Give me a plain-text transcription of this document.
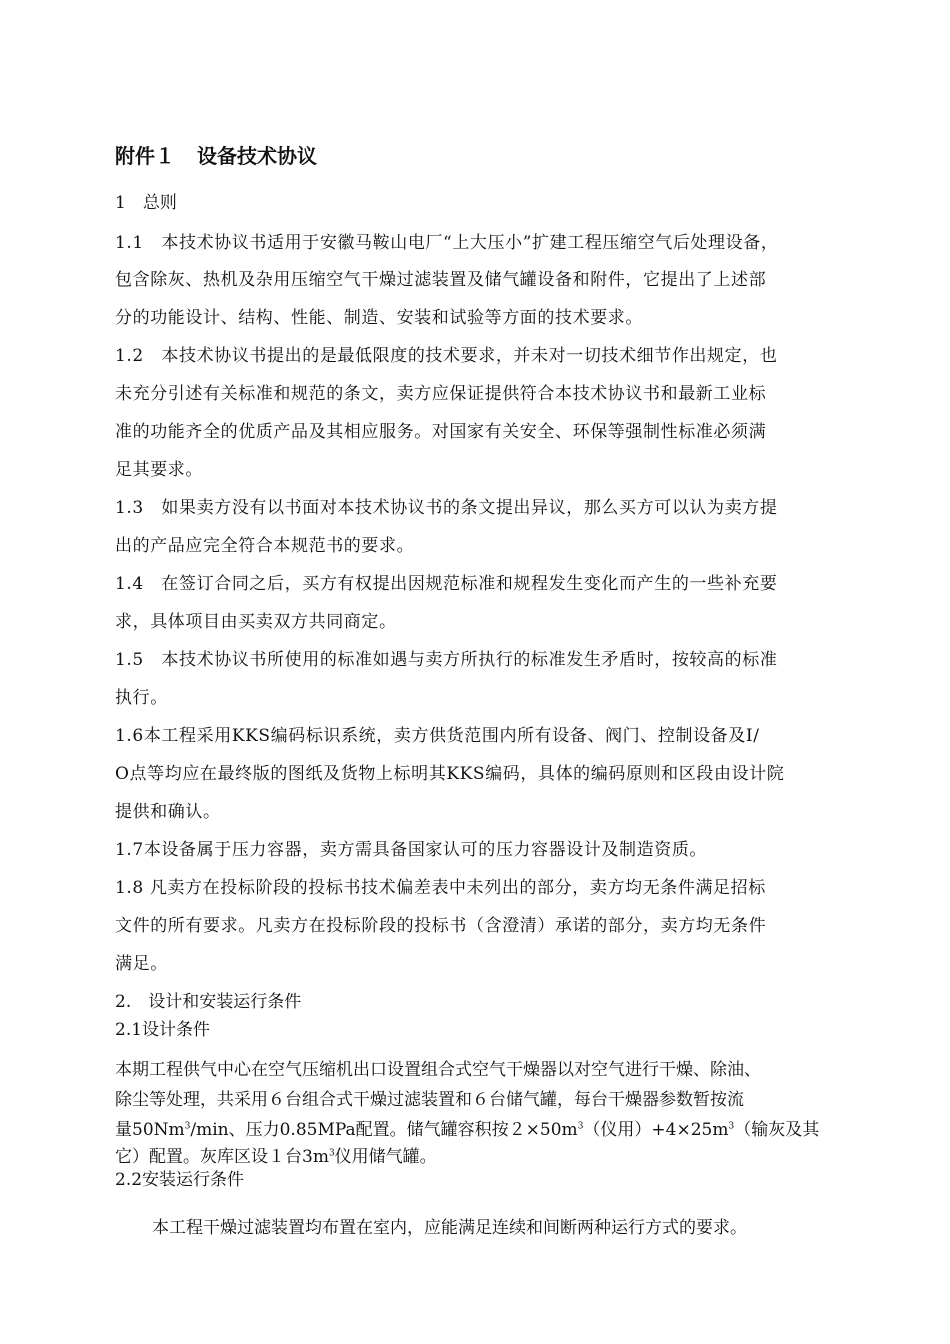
附件１ 设备技术协议
1　总则
1.1　本技术协议书适用于安徽马鞍山电厂“上大压小”扩建工程压缩空气后处理设备，
包含除灰、热机及杂用压缩空气干燥过滤装置及储气罐设备和附件，它提出了上述部
分的功能设计、结构、性能、制造、安装和试验等方面的技术要求。
1.2　本技术协议书提出的是最低限度的技术要求，并未对一切技术细节作出规定，也
未充分引述有关标准和规范的条文，卖方应保证提供符合本技术协议书和最新工业标
准的功能齐全的优质产品及其相应服务。对国家有关安全、环保等强制性标准必须满
足其要求。
1.3　如果卖方没有以书面对本技术协议书的条文提出异议，那么买方可以认为卖方提
出的产品应完全符合本规范书的要求。
1.4　在签订合同之后，买方有权提出因规范标准和规程发生变化而产生的一些补充要
求，具体项目由买卖双方共同商定。
1.5　本技术协议书所使用的标准如遇与卖方所执行的标准发生矛盾时，按较高的标准
执行。
1.6本工程采用KKS编码标识系统，卖方供货范围内所有设备、阀门、控制设备及I/
O点等均应在最终版的图纸及货物上标明其KKS编码，具体的编码原则和区段由设计院
提供和确认。
1.7本设备属于压力容器，卖方需具备国家认可的压力容器设计及制造资质。
1.8 凡卖方在投标阶段的投标书技术偏差表中未列出的部分，卖方均无条件满足招标
文件的所有要求。凡卖方在投标阶段的投标书（含澄清）承诺的部分，卖方均无条件
满足。
2.　设计和安装运行条件
2.1设计条件
本期工程供气中心在空气压缩机出口设置组合式空气干燥器以对空气进行干燥、除油、
除尘等处理，共采用６台组合式干燥过滤装置和６台储气罐，每台干燥器参数暂按流
量50Nm$^3$/min、压力0.85MPa配置。储气罐容积按$2\times 50m^3$（仪用）$+4\times 25m^3$（输灰及其
它）配置。灰库区设１台$3m^3$仪用储气罐。
2.2安装运行条件
本工程干燥过滤装置均布置在室内，应能满足连续和间断两种运行方式的要求。
